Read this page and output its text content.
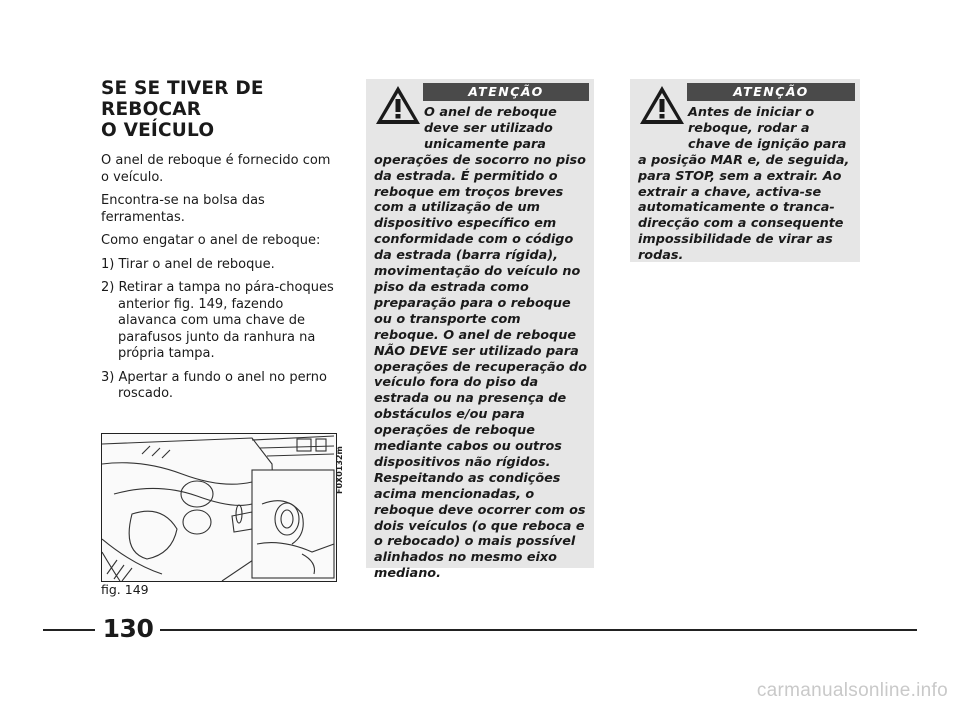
SE SE TIVER DE
REBOCAR
O VEÍCULO

O anel de reboque é fornecido com o veículo.

Encontra-se na bolsa das ferramentas.

Como engatar o anel de reboque:

1) Tirar o anel de reboque.

2) Retirar a tampa no pára-choques anterior fig. 149, fazendo alavanca com uma chave de parafusos junto da ranhura na própria tampa.

3) Apertar a fundo o anel no perno roscado.

F0X0132m
fig. 149
ATENÇÃO
O anel de reboque deve ser utilizado unicamente para operações de socorro no piso da estrada. É permitido o reboque em troços breves com a utilização de um dispositivo específico em conformidade com o código da estrada (barra rígida), movimentação do veículo no piso da estrada como preparação para o reboque ou o transporte com reboque. O anel de reboque NÃO DEVE ser utilizado para operações de recuperação do veículo fora do piso da estrada ou na presença de obstáculos e/ou para operações de reboque mediante cabos ou outros dispositivos não rígidos. Respeitando as condições acima mencionadas, o reboque deve ocorrer com os dois veículos (o que reboca e o rebocado) o mais possível alinhados no mesmo eixo mediano.
ATENÇÃO
Antes de iniciar o reboque, rodar a chave de ignição para a posição MAR e, de seguida, para STOP, sem a extrair. Ao extrair a chave, activa-se automaticamente o tranca-direcção com a consequente impossibilidade de virar as rodas.
130
carmanualsonline.info
